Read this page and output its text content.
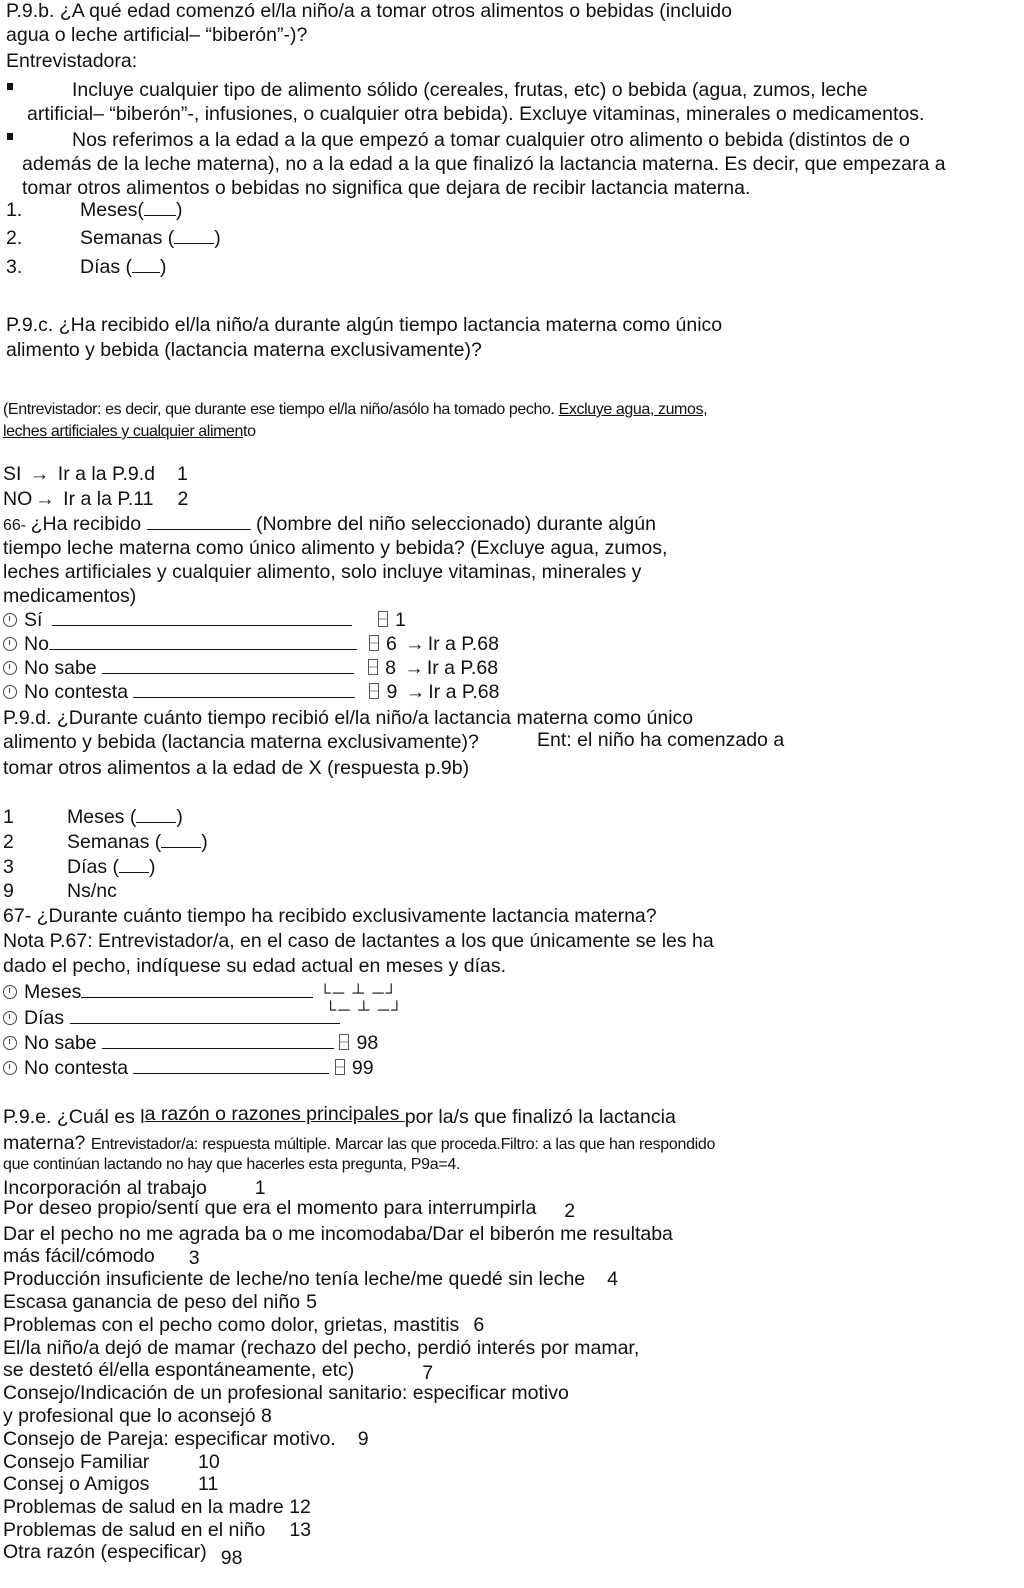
P.9.b. ¿A qué edad comenzó el/la niño/a a tomar otros alimentos o bebidas (incluido
agua o leche artificial– “biberón”-)?
Entrevistadora:
Incluye cualquier tipo de alimento sólido (cereales, frutas, etc) o bebida (agua, zumos, leche
artificial– “biberón”-, infusiones, o cualquier otra bebida). Excluye vitaminas, minerales o medicamentos.
Nos referimos a la edad a la que empezó a tomar cualquier otro alimento o bebida (distintos de o
además de la leche materna), no a la edad a la que finalizó la lactancia materna. Es decir, que empezara a
tomar otros alimentos o bebidas no significa que dejara de recibir lactancia materna.
1.	Meses( )
2.	Semanas ( )
3.	Días ( )
P.9.c. ¿Ha recibido el/la niño/a durante algún tiempo lactancia materna como único
alimento y bebida (lactancia materna exclusivamente)?
(Entrevistador: es decir, que durante ese tiempo el/la niño/asólo ha tomado pecho. Excluye agua, zumos,
leches artificiales y cualquier alimento
SI → Ir a la P.9.d 1
NO → Ir a la P.11 2
66- ¿Ha recibido	(Nombre del niño seleccionado) durante algún
tiempo leche materna como único alimento y bebida? (Excluye agua, zumos,
leches artificiales y cualquier alimento, solo incluye vitaminas, minerales y
medicamentos)
Sí	1
No	6 → Ir a P.68
No sabe	8 → Ir a P.68
No contesta	9 → Ir a P.68
P.9.d. ¿Durante cuánto tiempo recibió el/la niño/a lactancia materna como único
alimento y bebida (lactancia materna exclusivamente)?	Ent: el niño ha comenzado a
tomar otros alimentos a la edad de X (respuesta p.9b)
1	Meses ( )
2	Semanas ( )
3	Días ( )
9	Ns/nc
67- ¿Durante cuánto tiempo ha recibido exclusivamente lactancia materna?
Nota P.67: Entrevistador/a, en el caso de lactantes a los que únicamente se les ha
dado el pecho, indíquese su edad actual en meses y días.
Meses	└─ ┴ ─┘
Días	└─ ┴ ─┘
No sabe	98
No contesta	99
P.9.e. ¿Cuál es la razón o razones principales por la/s que finalizó la lactancia
materna? Entrevistador/a: respuesta múltiple. Marcar las que proceda.Filtro: a las que han respondido
que continúan lactando no hay que hacerles esta pregunta, P9a=4.
Incorporación al trabajo 1
Por deseo propio/sentí que era el momento para interrumpirla 2
Dar el pecho no me agrada ba o me incomodaba/Dar el biberón me resultaba
más fácil/cómodo 3
Producción insuficiente de leche/no tenía leche/me quedé sin leche 4
Escasa ganancia de peso del niño 5
Problemas con el pecho como dolor, grietas, mastitis 6
El/la niño/a dejó de mamar (rechazo del pecho, perdió interés por mamar,
se destetó él/ella espontáneamente, etc)	7
Consejo/Indicación de un profesional sanitario: especificar motivo
y profesional que lo aconsejó 8
Consejo de Pareja: especificar motivo. 9
Consejo Familiar 10
Consej o Amigos 11
Problemas de salud en la madre 12
Problemas de salud en el niño 13
Otra razón (especificar) 98
